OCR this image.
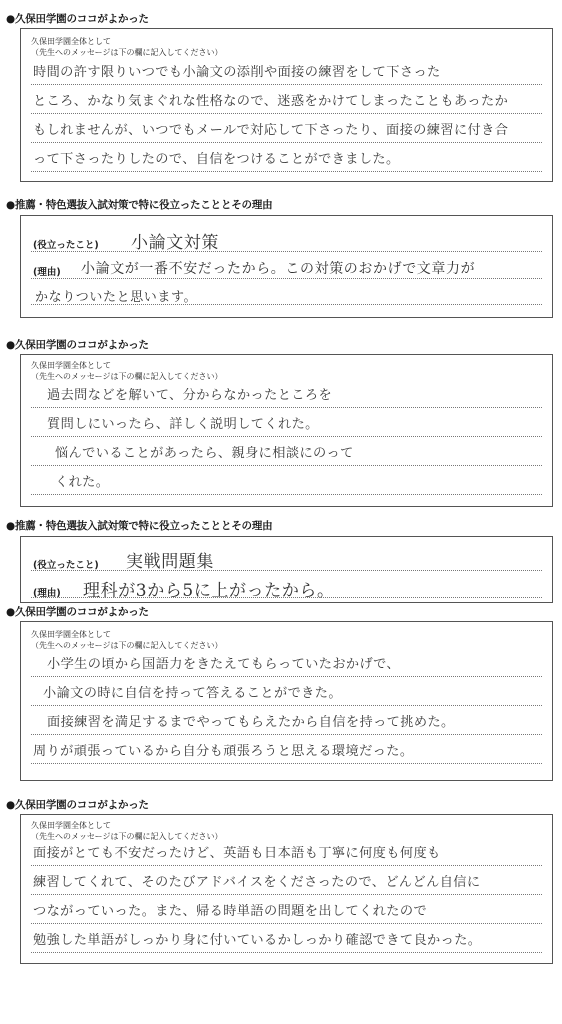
●久保田学園のココがよかった
久保田学園全体として
（先生へのメッセージは下の欄に記入してください）
時間の許す限りいつでも小論文の添削や面接の練習をして下さった
ところ、かなり気まぐれな性格なので、迷惑をかけてしまったこともあったか
もしれませんが、いつでもメールで対応して下さったり、面接の練習に付き合
って下さったりしたので、自信をつけることができました。
●推薦・特色選抜入試対策で特に役立ったこととその理由
(役立ったこと) 小論文対策
(理由) 小論文が一番不安だったから。この対策のおかげで文章力が
かなりついたと思います。
●久保田学園のココがよかった
久保田学園全体として
（先生へのメッセージは下の欄に記入してください）
過去問などを解いて、分からなかったところを
質問しにいったら、詳しく説明してくれた。
悩んでいることがあったら、親身に相談にのって
くれた。
●推薦・特色選抜入試対策で特に役立ったこととその理由
(役立ったこと) 実戦問題集
(理由) 理科が3から5に上がったから。
●久保田学園のココがよかった
久保田学園全体として
（先生へのメッセージは下の欄に記入してください）
小学生の頃から国語力をきたえてもらっていたおかげで、
小論文の時に自信を持って答えることができた。
面接練習を満足するまでやってもらえたから自信を持って挑めた。
周りが頑張っているから自分も頑張ろうと思える環境だった。
●久保田学園のココがよかった
久保田学園全体として
（先生へのメッセージは下の欄に記入してください）
面接がとても不安だったけど、英語も日本語も丁寧に何度も何度も
練習してくれて、そのたびアドバイスをくださったので、どんどん自信に
つながっていった。また、帰る時単語の問題を出してくれたので
勉強した単語がしっかり身に付いているかしっかり確認できて良かった。
